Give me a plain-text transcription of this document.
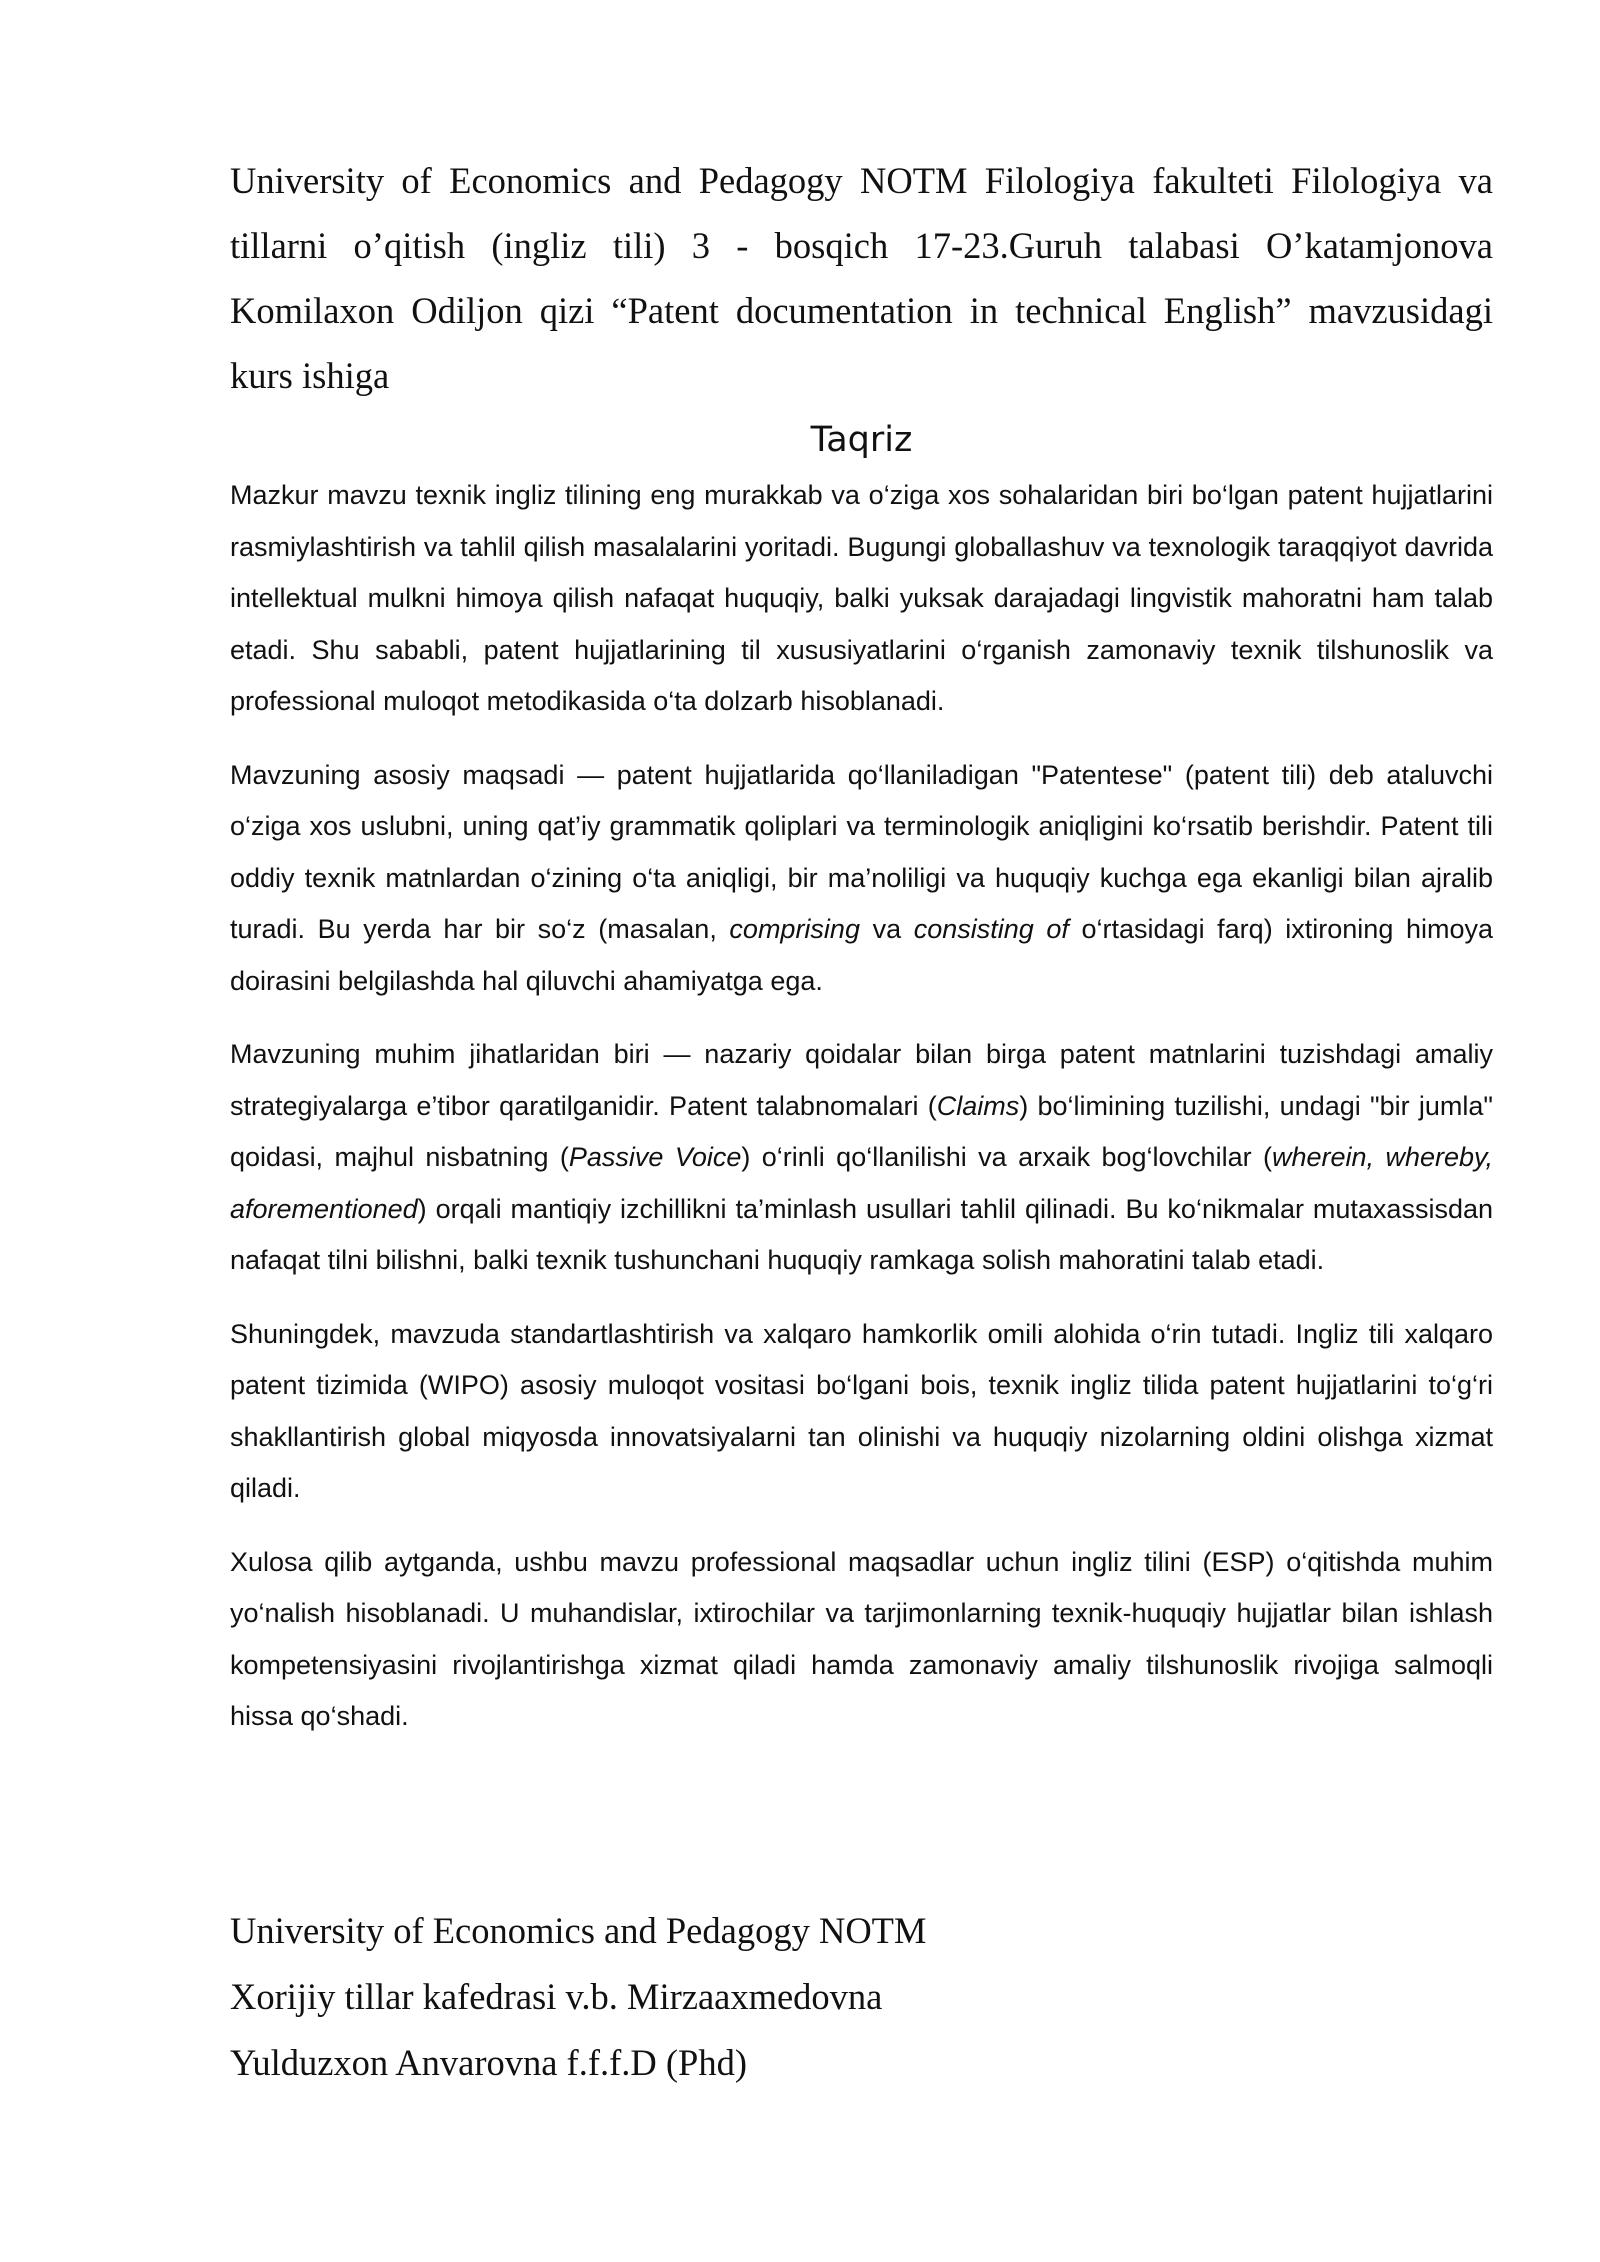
University of Economics and Pedagogy NOTM Filologiya fakulteti Filologiya va tillarni o’qitish (ingliz tili) 3 - bosqich 17-23.Guruh talabasi O’katamjonova Komilaxon Odiljon qizi “Patent documentation in technical English” mavzusidagi kurs ishiga

Taqriz

Mazkur mavzu texnik ingliz tilining eng murakkab va o‘ziga xos sohalaridan biri bo‘lgan patent hujjatlarini rasmiylashtirish va tahlil qilish masalalarini yoritadi. Bugungi globallashuv va texnologik taraqqiyot davrida intellektual mulkni himoya qilish nafaqat huquqiy, balki yuksak darajadagi lingvistik mahoratni ham talab etadi. Shu sababli, patent hujjatlarining til xususiyatlarini o‘rganish zamonaviy texnik tilshunoslik va professional muloqot metodikasida o‘ta dolzarb hisoblanadi.

Mavzuning asosiy maqsadi — patent hujjatlarida qo‘llaniladigan "Patentese" (patent tili) deb ataluvchi o‘ziga xos uslubni, uning qat’iy grammatik qoliplari va terminologik aniqligini ko‘rsatib berishdir. Patent tili oddiy texnik matnlardan o‘zining o‘ta aniqligi, bir ma’noliligi va huquqiy kuchga ega ekanligi bilan ajralib turadi. Bu yerda har bir so‘z (masalan, comprising va consisting of o‘rtasidagi farq) ixtironing himoya doirasini belgilashda hal qiluvchi ahamiyatga ega.

Mavzuning muhim jihatlaridan biri — nazariy qoidalar bilan birga patent matnlarini tuzishdagi amaliy strategiyalarga e’tibor qaratilganidir. Patent talabnomalari (Claims) bo‘limining tuzilishi, undagi "bir jumla" qoidasi, majhul nisbatning (Passive Voice) o‘rinli qo‘llanilishi va arxaik bog‘lovchilar (wherein, whereby, aforementioned) orqali mantiqiy izchillikni ta’minlash usullari tahlil qilinadi. Bu ko‘nikmalar mutaxassisdan nafaqat tilni bilishni, balki texnik tushunchani huquqiy ramkaga solish mahoratini talab etadi.

Shuningdek, mavzuda standartlashtirish va xalqaro hamkorlik omili alohida o‘rin tutadi. Ingliz tili xalqaro patent tizimida (WIPO) asosiy muloqot vositasi bo‘lgani bois, texnik ingliz tilida patent hujjatlarini to‘g‘ri shakllantirish global miqyosda innovatsiyalarni tan olinishi va huquqiy nizolarning oldini olishga xizmat qiladi.

Xulosa qilib aytganda, ushbu mavzu professional maqsadlar uchun ingliz tilini (ESP) o‘qitishda muhim yo‘nalish hisoblanadi. U muhandislar, ixtirochilar va tarjimonlarning texnik-huquqiy hujjatlar bilan ishlash kompetensiyasini rivojlantirishga xizmat qiladi hamda zamonaviy amaliy tilshunoslik rivojiga salmoqli hissa qo‘shadi.

University of Economics and Pedagogy NOTM
Xorijiy tillar kafedrasi v.b. Mirzaaxmedovna
Yulduzxon Anvarovna f.f.f.D (Phd)
